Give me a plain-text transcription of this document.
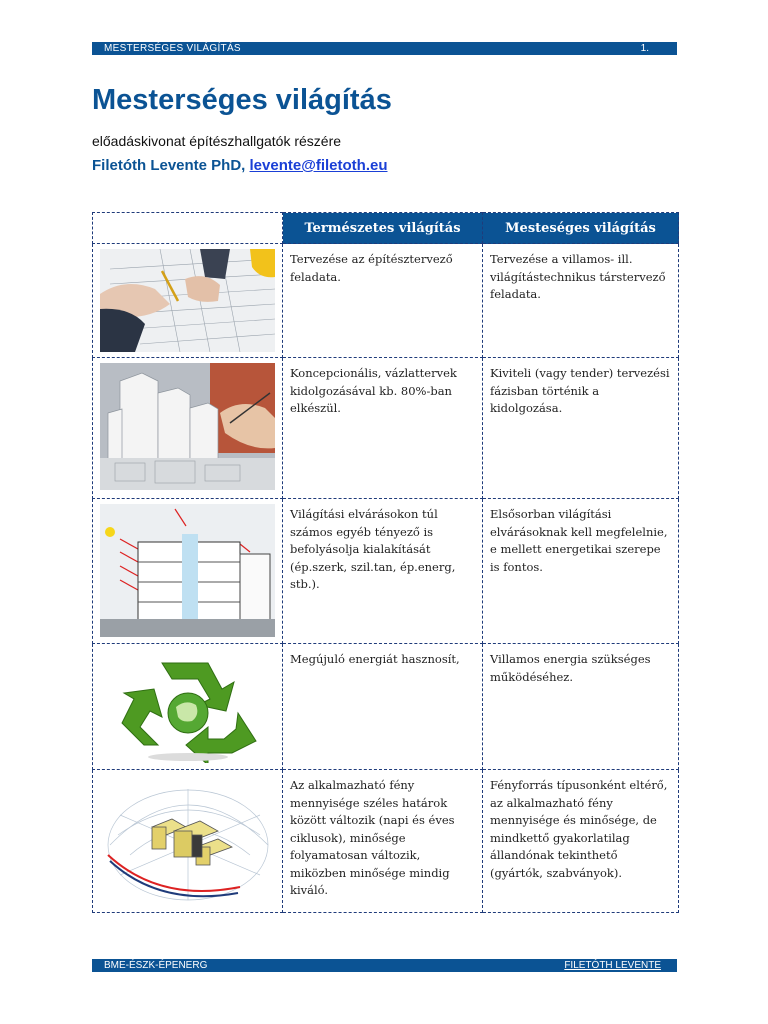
MESTERSÉGES VILÁGÍTÁS	1.
Mesterséges világítás
előadáskivonat építészhallgatók részére
Filetóth Levente PhD, levente@filetoth.eu
	Természetes világítás	Mesteséges világítás

	Tervezése az építésztervező feladata.	Tervezése a villamos- ill. világítástechnikus társtervező feladata.

	Koncepcionális, vázlattervek kidolgozásával kb. 80%-ban elkészül.	Kiviteli (vagy tender) tervezési fázisban történik a kidolgozása.

	Világítási elvárásokon túl számos egyéb tényező is befolyásolja kialakítását (ép.szerk, szil.tan, ép.energ, stb.).	Elsősorban világítási elvárásoknak kell megfelelnie, e mellett energetikai szerepe is fontos.

	Megújuló energiát hasznosít,	Villamos energia szükséges működéséhez.

	Az alkalmazható fény mennyisége széles határok között változik (napi és éves ciklusok), minősége folyamatosan változik, miközben minősége mindig kiváló.	Fényforrás típusonként eltérő, az alkalmazható fény mennyisége és minősége, de mindkettő gyakorlatilag állandónak tekinthető (gyártók, szabványok).
BME-ÉSZK-ÉPENERG	FILETÓTH LEVENTE
